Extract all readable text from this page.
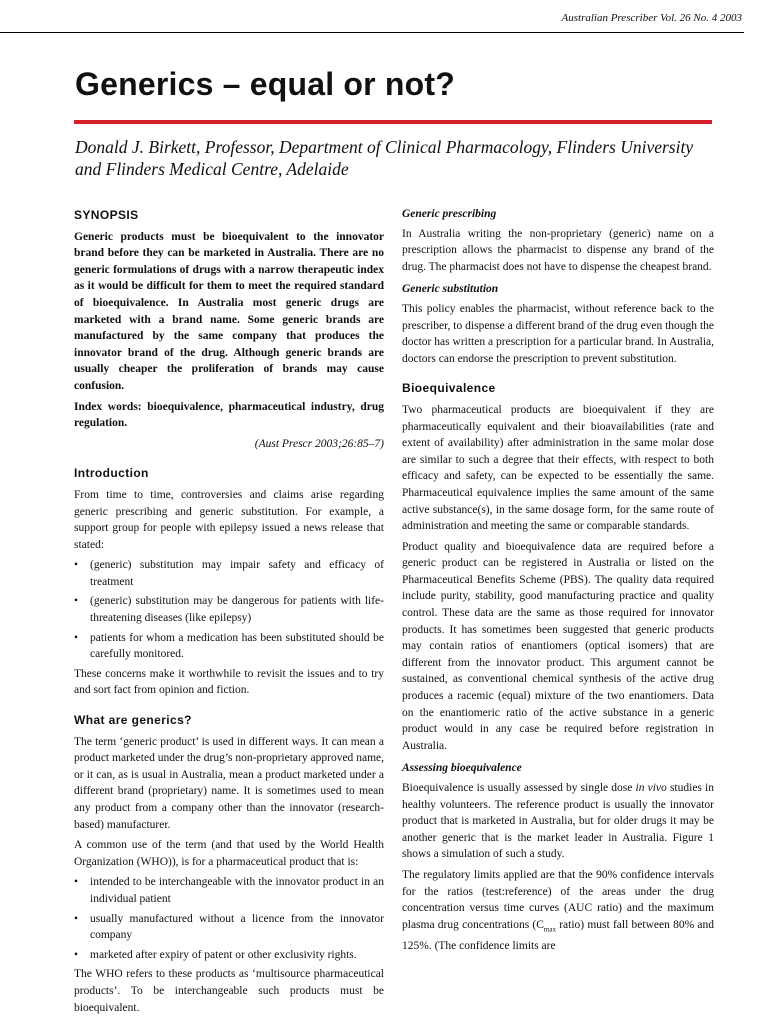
Australian Prescriber Vol. 26 No. 4 2003
Generics – equal or not?
Donald J. Birkett, Professor, Department of Clinical Pharmacology, Flinders University and Flinders Medical Centre, Adelaide
SYNOPSIS

Generic products must be bioequivalent to the innovator brand before they can be marketed in Australia. There are no generic formulations of drugs with a narrow therapeutic index as it would be difficult for them to meet the required standard of bioequivalence. In Australia most generic drugs are marketed with a brand name. Some generic brands are manufactured by the same company that produces the innovator brand of the drug. Although generic brands are usually cheaper the proliferation of brands may cause confusion.

Index words: bioequivalence, pharmaceutical industry, drug regulation.

(Aust Prescr 2003;26:85–7)
Introduction

From time to time, controversies and claims arise regarding generic prescribing and generic substitution. For example, a support group for people with epilepsy issued a news release that stated:

• (generic) substitution may impair safety and efficacy of treatment
• (generic) substitution may be dangerous for patients with life-threatening diseases (like epilepsy)
• patients for whom a medication has been substituted should be carefully monitored.

These concerns make it worthwhile to revisit the issues and to try and sort fact from opinion and fiction.

What are generics?

The term ‘generic product’ is used in different ways. It can mean a product marketed under the drug’s non-proprietary approved name, or it can, as is usual in Australia, mean a product marketed under a different brand (proprietary) name. It is sometimes used to mean any product from a company other than the innovator (research-based) manufacturer.

A common use of the term (and that used by the World Health Organization (WHO)), is for a pharmaceutical product that is:

• intended to be interchangeable with the innovator product in an individual patient
• usually manufactured without a licence from the innovator company
• marketed after expiry of patent or other exclusivity rights.

The WHO refers to these products as ‘multisource pharmaceutical products’. To be interchangeable such products must be bioequivalent.

Generic prescribing

In Australia writing the non-proprietary (generic) name on a prescription allows the pharmacist to dispense any brand of the drug. The pharmacist does not have to dispense the cheapest brand.

Generic substitution

This policy enables the pharmacist, without reference back to the prescriber, to dispense a different brand of the drug even though the doctor has written a prescription for a particular brand. In Australia, doctors can endorse the prescription to prevent substitution.

Bioequivalence

Two pharmaceutical products are bioequivalent if they are pharmaceutically equivalent and their bioavailabilities (rate and extent of availability) after administration in the same molar dose are similar to such a degree that their effects, with respect to both efficacy and safety, can be expected to be essentially the same. Pharmaceutical equivalence implies the same amount of the same active substance(s), in the same dosage form, for the same route of administration and meeting the same or comparable standards.

Product quality and bioequivalence data are required before a generic product can be registered in Australia or listed on the Pharmaceutical Benefits Scheme (PBS). The quality data required include purity, stability, good manufacturing practice and quality control. These data are the same as those required for innovator products. It has sometimes been suggested that generic products may contain ratios of enantiomers (optical isomers) that are different from the innovator product. This argument cannot be sustained, as conventional chemical synthesis of the active drug produces a racemic (equal) mixture of the two enantiomers. Data on the enantiomeric ratio of the active substance in a generic product would in any case be required before registration in Australia.

Assessing bioequivalence

Bioequivalence is usually assessed by single dose in vivo studies in healthy volunteers. The reference product is usually the innovator product that is marketed in Australia, but for older drugs it may be another generic that is the market leader in Australia. Figure 1 shows a simulation of such a study.

The regulatory limits applied are that the 90% confidence intervals for the ratios (test:reference) of the areas under the drug concentration versus time curves (AUC ratio) and the maximum plasma drug concentrations ($C_{max}$ ratio) must fall between 80% and 125%. (The confidence limits are
